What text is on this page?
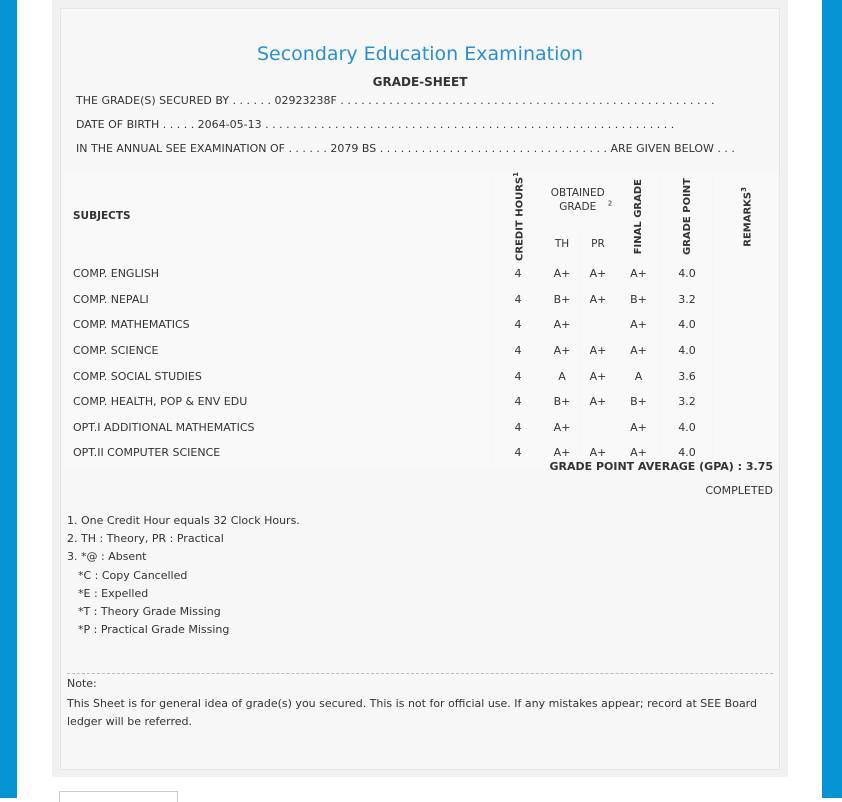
Secondary Education Examination
GRADE-SHEET
THE GRADE(S) SECURED BY . . . . . . 02923238F . . . . . . . . . . . . . . . . . . . . . . . . . . . . . . . . . . . . . . . . . . . . . . . . . . . . . .
DATE OF BIRTH . . . . . 2064-05-13 . . . . . . . . . . . . . . . . . . . . . . . . . . . . . . . . . . . . . . . . . . . . . . . . . . . . . . . . . . .
IN THE ANNUAL SEE EXAMINATION OF . . . . . . 2079 BS . . . . . . . . . . . . . . . . . . . . . . . . . . . . . . . . . ARE GIVEN BELOW . . .
SUBJECTS	CREDIT HOURS$^1$	OBTAINED GRADE $^2$		FINAL GRADE	GRADE POINT	REMARKS$^3$

		TH	PR			
COMP. ENGLISH	4	A+	A+	A+	4.0	
COMP. NEPALI	4	B+	A+	B+	3.2	
COMP. MATHEMATICS	4	A+		A+	4.0	
COMP. SCIENCE	4	A+	A+	A+	4.0	
COMP. SOCIAL STUDIES	4	A	A+	A	3.6	
COMP. HEALTH, POP & ENV EDU	4	B+	A+	B+	3.2	
OPT.I ADDITIONAL MATHEMATICS	4	A+		A+	4.0	
OPT.II COMPUTER SCIENCE	4	A+	A+	A+	4.0	
GRADE POINT AVERAGE (GPA) : 3.75
COMPLETED
1. One Credit Hour equals 32 Clock Hours.
2. TH : Theory, PR : Practical
3. *@ : Absent
*C : Copy Cancelled
*E : Expelled
*T : Theory Grade Missing
*P : Practical Grade Missing
Note:
This Sheet is for general idea of grade(s) you secured. This is not for official use. If any mistakes appear; record at SEE Board ledger will be referred.
